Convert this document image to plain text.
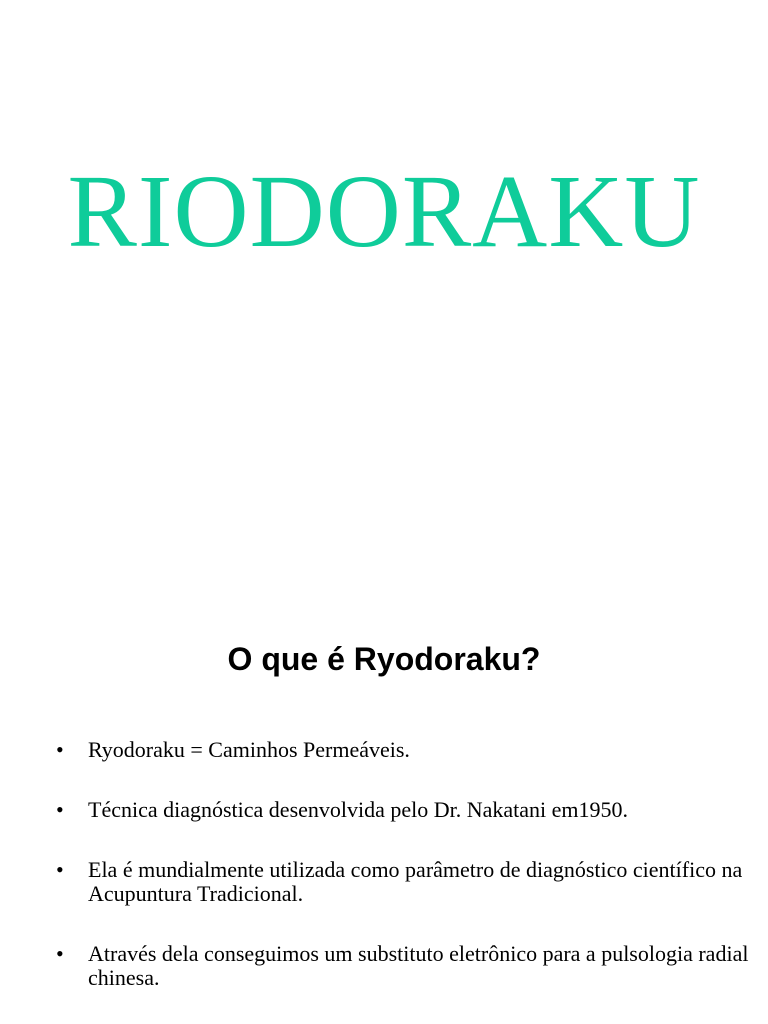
RIODORAKU
O que é Ryodoraku?
• Ryodoraku = Caminhos Permeáveis.
• Técnica diagnóstica desenvolvida pelo Dr. Nakatani em1950.
• Ela é mundialmente utilizada como parâmetro de diagnóstico científico na Acupuntura Tradicional.
• Através dela conseguimos um substituto eletrônico para a pulsologia radial chinesa.
